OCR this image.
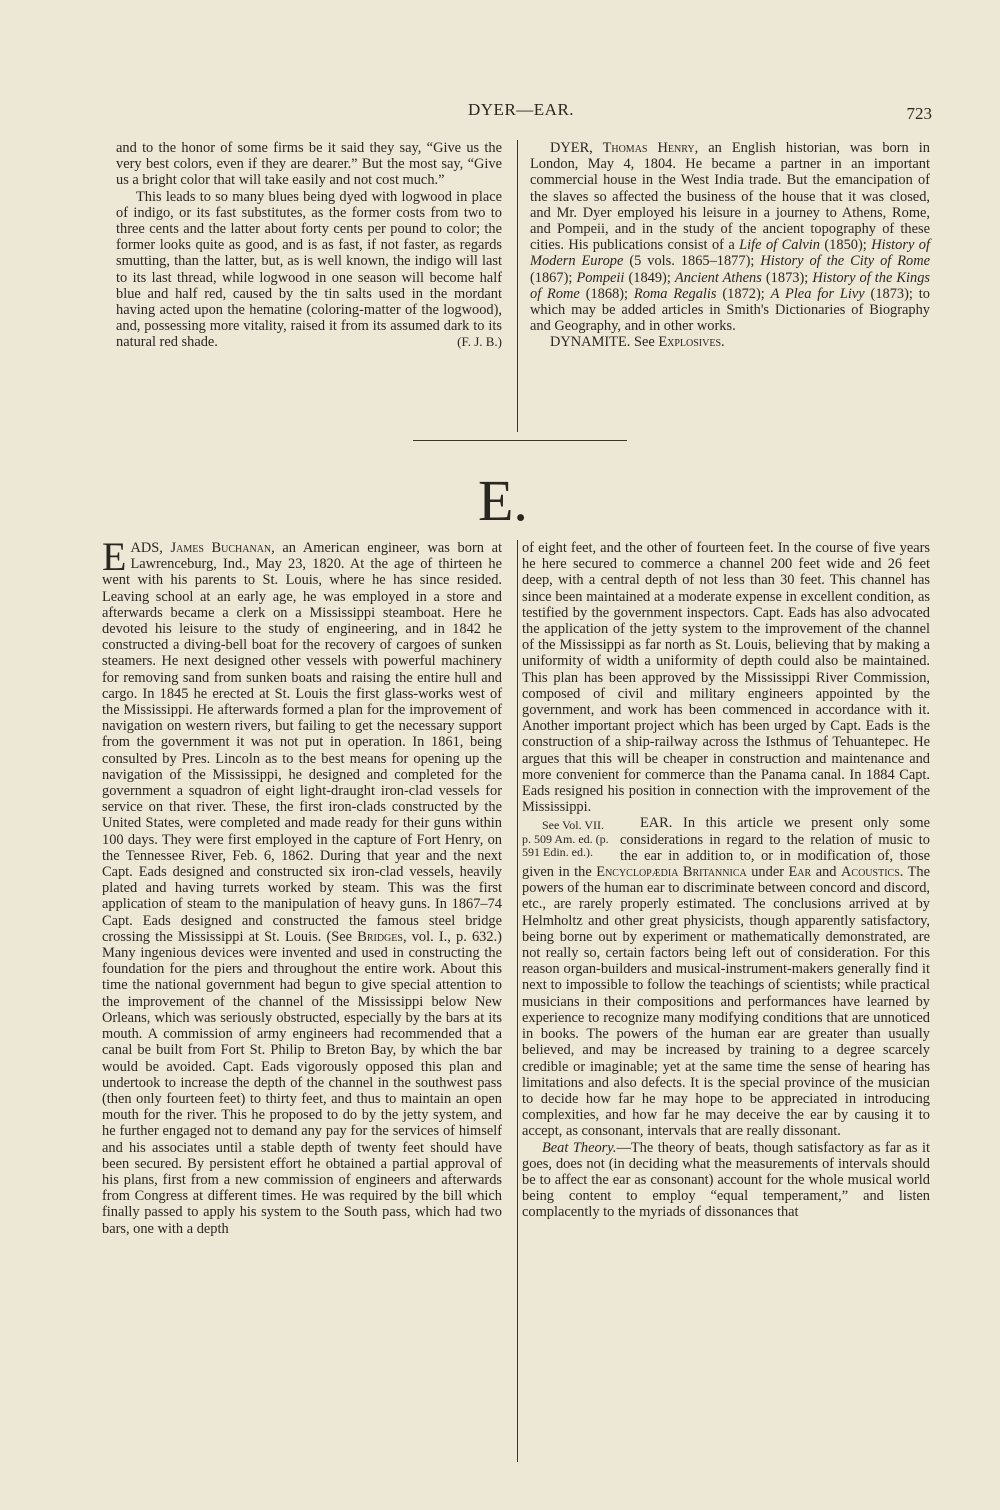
DYER—EAR.	723

and to the honor of some firms be it said they say, “Give us the very best colors, even if they are dearer.” But the most say, “Give us a bright color that will take easily and not cost much.”

This leads to so many blues being dyed with logwood in place of indigo, or its fast substitutes, as the former costs from two to three cents and the latter about forty cents per pound to color; the former looks quite as good, and is as fast, if not faster, as regards smutting, than the latter, but, as is well known, the indigo will last to its last thread, while logwood in one season will become half blue and half red, caused by the tin salts used in the mordant having acted upon the hematine (coloring-matter of the logwood), and, possessing more vitality, raised it from its assumed dark to its natural red shade.	(F. J. B.)

DYER, Thomas Henry, an English historian, was born in London, May 4, 1804. He became a partner in an important commercial house in the West India trade. But the emancipation of the slaves so affected the business of the house that it was closed, and Mr. Dyer employed his leisure in a journey to Athens, Rome, and Pompeii, and in the study of the ancient topography of these cities. His publications consist of a Life of Calvin (1850); History of Modern Europe (5 vols. 1865–1877); History of the City of Rome (1867); Pompeii (1849); Ancient Athens (1873); History of the Kings of Rome (1868); Roma Regalis (1872); A Plea for Livy (1873); to which may be added articles in Smith's Dictionaries of Biography and Geography, and in other works.

DYNAMITE. See Explosives.

E.

EADS, James Buchanan, an American engineer, was born at Lawrenceburg, Ind., May 23, 1820. At the age of thirteen he went with his parents to St. Louis, where he has since resided. Leaving school at an early age, he was employed in a store and afterwards became a clerk on a Mississippi steamboat. Here he devoted his leisure to the study of engineering, and in 1842 he constructed a diving-bell boat for the recovery of cargoes of sunken steamers. He next designed other vessels with powerful machinery for removing sand from sunken boats and raising the entire hull and cargo. In 1845 he erected at St. Louis the first glass-works west of the Mississippi. He afterwards formed a plan for the improvement of navigation on western rivers, but failing to get the necessary support from the government it was not put in operation. In 1861, being consulted by Pres. Lincoln as to the best means for opening up the navigation of the Mississippi, he designed and completed for the government a squadron of eight light-draught iron-clad vessels for service on that river. These, the first iron-clads constructed by the United States, were completed and made ready for their guns within 100 days. They were first employed in the capture of Fort Henry, on the Tennessee River, Feb. 6, 1862. During that year and the next Capt. Eads designed and constructed six iron-clad vessels, heavily plated and having turrets worked by steam. This was the first application of steam to the manipulation of heavy guns. In 1867–74 Capt. Eads designed and constructed the famous steel bridge crossing the Mississippi at St. Louis. (See Bridges, vol. I., p. 632.) Many ingenious devices were invented and used in constructing the foundation for the piers and throughout the entire work. About this time the national government had begun to give special attention to the improvement of the channel of the Mississippi below New Orleans, which was seriously obstructed, especially by the bars at its mouth. A commission of army engineers had recommended that a canal be built from Fort St. Philip to Breton Bay, by which the bar would be avoided. Capt. Eads vigorously opposed this plan and undertook to increase the depth of the channel in the southwest pass (then only fourteen feet) to thirty feet, and thus to maintain an open mouth for the river. This he proposed to do by the jetty system, and he further engaged not to demand any pay for the services of himself and his associates until a stable depth of twenty feet should have been secured. By persistent effort he obtained a partial approval of his plans, first from a new commission of engineers and afterwards from Congress at different times. He was required by the bill which finally passed to apply his system to the South pass, which had two bars, one with a depth

of eight feet, and the other of fourteen feet. In the course of five years he here secured to commerce a channel 200 feet wide and 26 feet deep, with a central depth of not less than 30 feet. This channel has since been maintained at a moderate expense in excellent condition, as testified by the government inspectors. Capt. Eads has also advocated the application of the jetty system to the improvement of the channel of the Mississippi as far north as St. Louis, believing that by making a uniformity of width a uniformity of depth could also be maintained. This plan has been approved by the Mississippi River Commission, composed of civil and military engineers appointed by the government, and work has been commenced in accordance with it. Another important project which has been urged by Capt. Eads is the construction of a ship-railway across the Isthmus of Tehuantepec. He argues that this will be cheaper in construction and maintenance and more convenient for commerce than the Panama canal. In 1884 Capt. Eads resigned his position in connection with the improvement of the Mississippi.

EAR.
See Vol. VII. p. 509 Am. ed. (p. 591 Edin. ed.).
In this article we present only some considerations in regard to the relation of music to the ear in addition to, or in modification of, those given in the Encyclopædia Britannica under Ear and Acoustics. The powers of the human ear to discriminate between concord and discord, etc., are rarely properly estimated. The conclusions arrived at by Helmholtz and other great physicists, though apparently satisfactory, being borne out by experiment or mathematically demonstrated, are not really so, certain factors being left out of consideration. For this reason organ-builders and musical-instrument-makers generally find it next to impossible to follow the teachings of scientists; while practical musicians in their compositions and performances have learned by experience to recognize many modifying conditions that are unnoticed in books. The powers of the human ear are greater than usually believed, and may be increased by training to a degree scarcely credible or imaginable; yet at the same time the sense of hearing has limitations and also defects. It is the special province of the musician to decide how far he may hope to be appreciated in introducing complexities, and how far he may deceive the ear by causing it to accept, as consonant, intervals that are really dissonant.

Beat Theory.—The theory of beats, though satisfactory as far as it goes, does not (in deciding what the measurements of intervals should be to affect the ear as consonant) account for the whole musical world being content to employ “equal temperament,” and listen complacently to the myriads of dissonances that
